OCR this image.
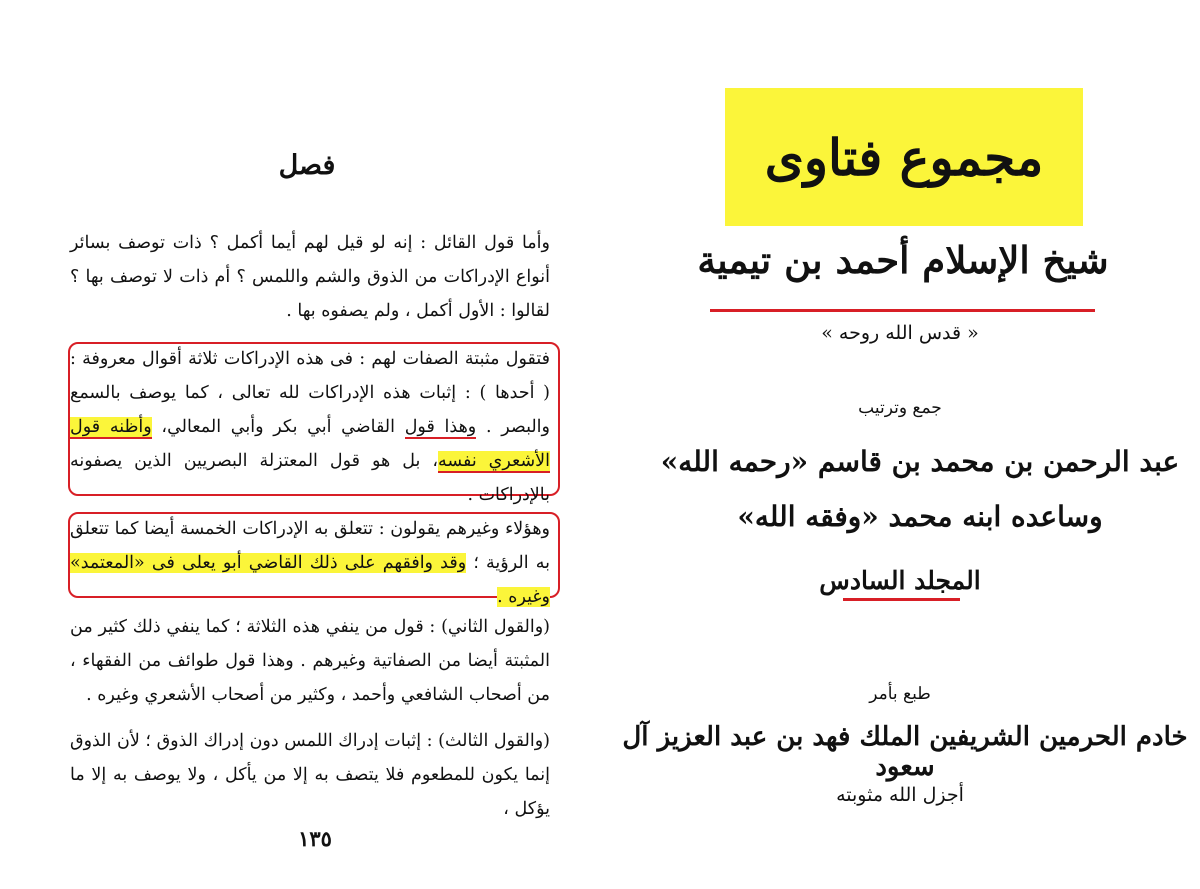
فصل
وأما قول القائل : إنه لو قيل لهم أيما أكمل ؟ ذات توصف بسائر أنواع الإدراكات من الذوق والشم واللمس ؟ أم ذات لا توصف بها ؟ لقالوا : الأول أكمل ، ولم يصفوه بها .
فتقول مثبتة الصفات لهم : فى هذه الإدراكات ثلاثة أقوال معروفة : ( أحدها ) : إثبات هذه الإدراكات لله تعالى ، كما يوصف بالسمع والبصر . وهذا قول القاضي أبي بكر وأبي المعالي، وأظنه قول الأشعري نفسه، بل هو قول المعتزلة البصريين الذين يصفونه بالإدراكات .
وهؤلاء وغيرهم يقولون : تتعلق به الإدراكات الخمسة أيضا كما تتعلق به الرؤية ؛ وقد وافقهم على ذلك القاضي أبو يعلى فى «المعتمد» وغيره .
(والقول الثاني) : قول من ينفي هذه الثلاثة ؛ كما ينفي ذلك كثير من المثبتة أيضا من الصفاتية وغيرهم . وهذا قول طوائف من الفقهاء ، من أصحاب الشافعي وأحمد ، وكثير من أصحاب الأشعري وغيره .
(والقول الثالث) : إثبات إدراك اللمس دون إدراك الذوق ؛ لأن الذوق إنما يكون للمطعوم فلا يتصف به إلا من يأكل ، ولا يوصف به إلا ما يؤكل ،
١٣٥
مجموع فتاوى
شيخ الإسلام أحمد بن تيمية
« قدس الله روحه »
جمع وترتيب
عبد الرحمن بن محمد بن قاسم «رحمه الله»
وساعده ابنه محمد «وفقه الله»
المجلد السادس
طبع بأمر
خادم الحرمين الشريفين الملك فهد بن عبد العزيز آل سعود
أجزل الله مثوبته
